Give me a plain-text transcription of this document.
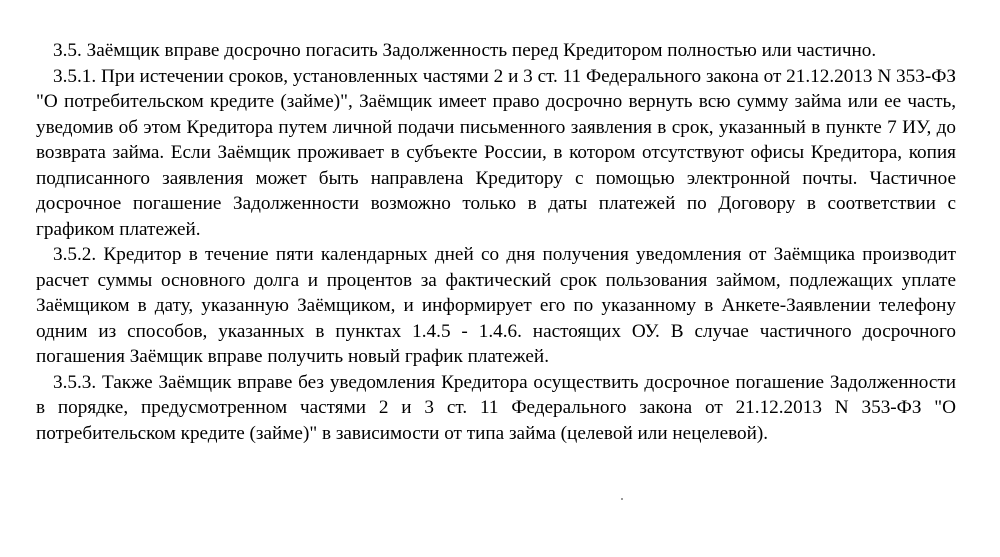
3.5. Заёмщик вправе досрочно погасить Задолженность перед Кредитором полностью или частично.

3.5.1. При истечении сроков, установленных частями 2 и 3 ст. 11 Федерального закона от 21.12.2013 N 353-ФЗ "О потребительском кредите (займе)", Заёмщик имеет право досрочно вернуть всю сумму займа или ее часть, уведомив об этом Кредитора путем личной подачи письменного заявления в срок, указанный в пункте 7 ИУ, до возврата займа. Если Заёмщик проживает в субъекте России, в котором отсутствуют офисы Кредитора, копия подписанного заявления может быть направлена Кредитору с помощью электронной почты. Частичное досрочное погашение Задолженности возможно только в даты платежей по Договору в соответствии с графиком платежей.

3.5.2. Кредитор в течение пяти календарных дней со дня получения уведомления от Заёмщика производит расчет суммы основного долга и процентов за фактический срок пользования займом, подлежащих уплате Заёмщиком в дату, указанную Заёмщиком, и информирует его по указанному в Анкете-Заявлении телефону одним из способов, указанных в пунктах 1.4.5 - 1.4.6. настоящих ОУ. В случае частичного досрочного погашения Заёмщик вправе получить новый график платежей.

3.5.3. Также Заёмщик вправе без уведомления Кредитора осуществить досрочное погашение Задолженности в порядке, предусмотренном частями 2 и 3 ст. 11 Федерального закона от 21.12.2013 N 353-ФЗ "О потребительском кредите (займе)" в зависимости от типа займа (целевой или нецелевой).
